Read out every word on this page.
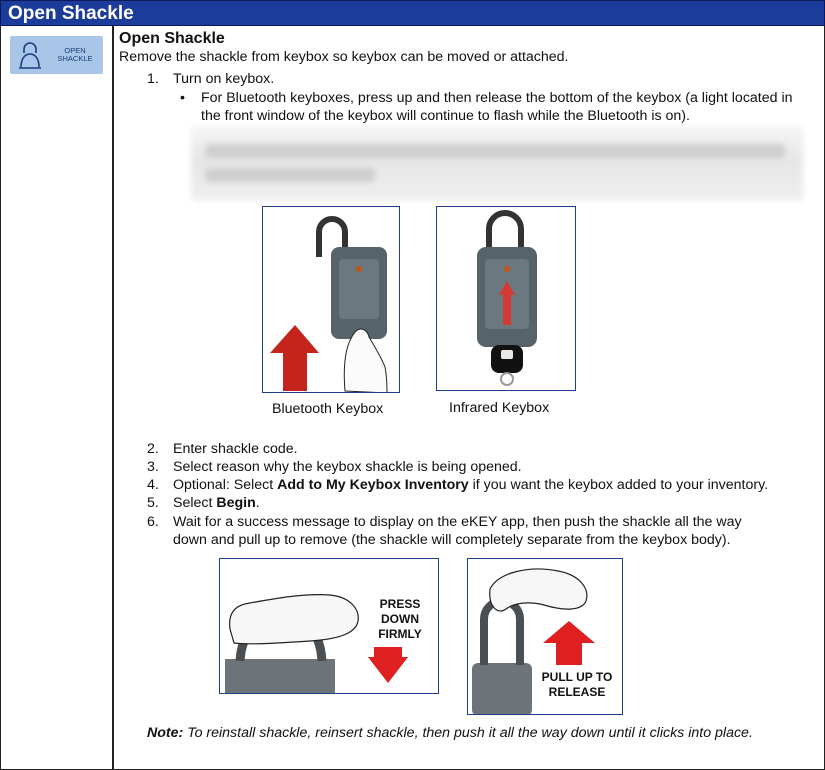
Open Shackle
OPEN
SHACKLE
Open Shackle
Remove the shackle from keybox so keybox can be moved or attached.
1. Turn on keybox.
• For Bluetooth keyboxes, press up and then release the bottom of the keybox (a light located in the front window of the keybox will continue to flash while the Bluetooth is on).
Bluetooth Keybox	Infrared Keybox
2. Enter shackle code.
3. Select reason why the keybox shackle is being opened.
4. Optional: Select Add to My Keybox Inventory if you want the keybox added to your inventory.
5. Select Begin.
6. Wait for a success message to display on the eKEY app, then push the shackle all the way
down and pull up to remove (the shackle will completely separate from the keybox body).
PRESS
DOWN
FIRMLY
PULL UP TO
RELEASE
Note: To reinstall shackle, reinsert shackle, then push it all the way down until it clicks into place.
